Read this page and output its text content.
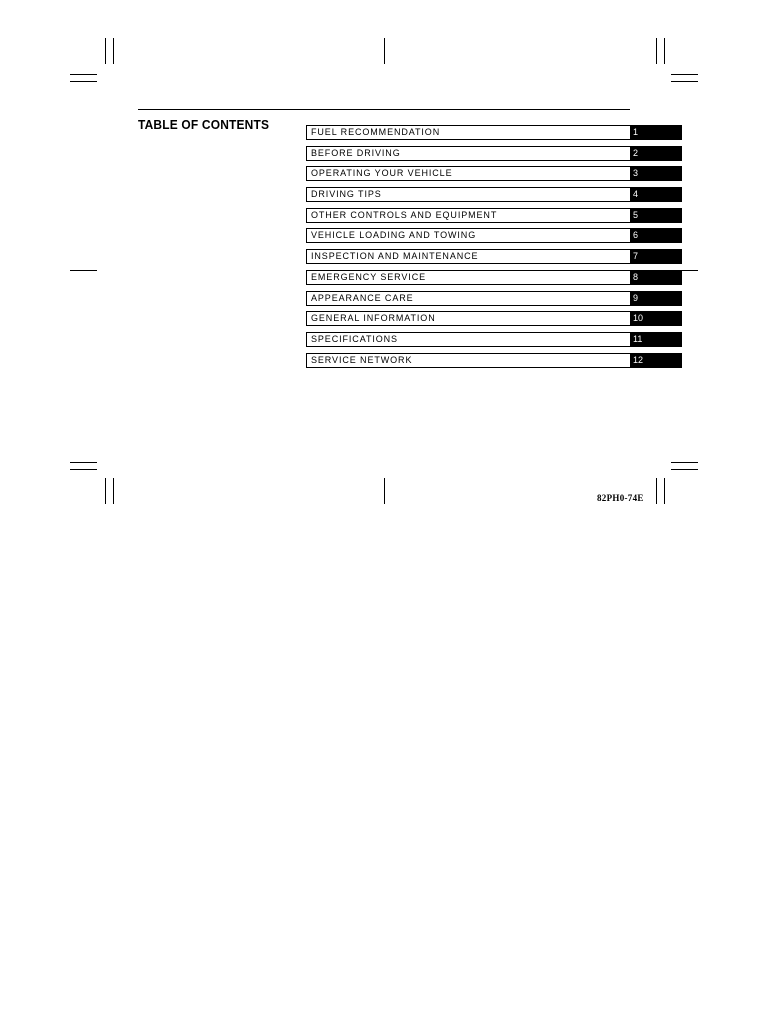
TABLE OF CONTENTS	FUEL RECOMMENDATION	1
BEFORE DRIVING	2
OPERATING YOUR VEHICLE	3
DRIVING TIPS	4
OTHER CONTROLS AND EQUIPMENT	5
VEHICLE LOADING AND TOWING	6
INSPECTION AND MAINTENANCE	7
EMERGENCY SERVICE	8
APPEARANCE CARE	9
GENERAL INFORMATION	10
SPECIFICATIONS	11
SERVICE NETWORK	12
82PH0-74E
